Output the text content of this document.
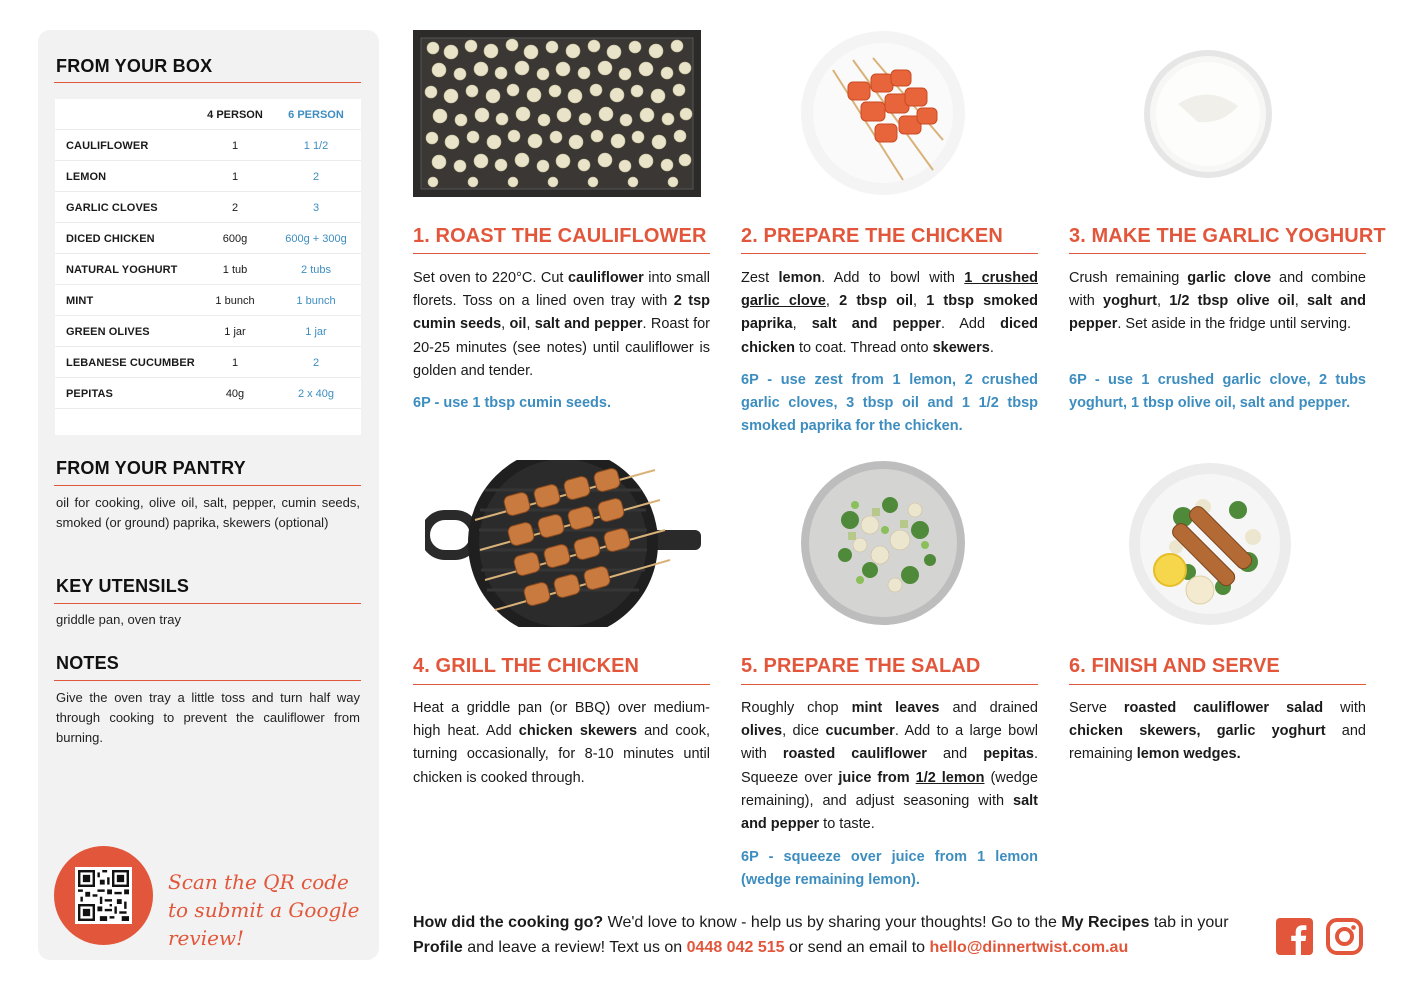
FROM YOUR BOX
4 PERSON	6 PERSON
CAULIFLOWER	1	1 1/2
LEMON	1	2
GARLIC CLOVES	2	3
DICED CHICKEN	600g	600g + 300g
NATURAL YOGHURT	1 tub	2 tubs
MINT	1 bunch	1 bunch
GREEN OLIVES	1 jar	1 jar
LEBANESE CUCUMBER	1	2
PEPITAS	40g	2 x 40g
FROM YOUR PANTRY
oil for cooking, olive oil, salt, pepper, cumin seeds, smoked (or ground) paprika, skewers (optional)
KEY UTENSILS
griddle pan, oven tray
NOTES
Give the oven tray a little toss and turn half way through cooking to prevent the cauliflower from burning.
Scan the QR code to submit a Google review!
1. ROAST THE CAULIFLOWER
Set oven to 220°C. Cut cauliflower into small florets. Toss on a lined oven tray with 2 tsp cumin seeds, oil, salt and pepper. Roast for 20-25 minutes (see notes) until cauliflower is golden and tender.
6P - use 1 tbsp cumin seeds.
2. PREPARE THE CHICKEN
Zest lemon. Add to bowl with 1 crushed garlic clove, 2 tbsp oil, 1 tbsp smoked paprika, salt and pepper. Add diced chicken to coat. Thread onto skewers.
6P - use zest from 1 lemon, 2 crushed garlic cloves, 3 tbsp oil and 1 1/2 tbsp smoked paprika for the chicken.
3. MAKE THE GARLIC YOGHURT
Crush remaining garlic clove and combine with yoghurt, 1/2 tbsp olive oil, salt and pepper. Set aside in the fridge until serving.
6P - use 1 crushed garlic clove, 2 tubs yoghurt, 1 tbsp olive oil, salt and pepper.
4. GRILL THE CHICKEN
Heat a griddle pan (or BBQ) over medium-high heat. Add chicken skewers and cook, turning occasionally, for 8-10 minutes until chicken is cooked through.
5. PREPARE THE SALAD
Roughly chop mint leaves and drained olives, dice cucumber. Add to a large bowl with roasted cauliflower and pepitas. Squeeze over juice from 1/2 lemon (wedge remaining), and adjust seasoning with salt and pepper to taste.
6P - squeeze over juice from 1 lemon (wedge remaining lemon).
6. FINISH AND SERVE
Serve roasted cauliflower salad with chicken skewers, garlic yoghurt and remaining lemon wedges.
How did the cooking go? We'd love to know - help us by sharing your thoughts! Go to the My Recipes tab in your Profile and leave a review! Text us on 0448 042 515 or send an email to hello@dinnertwist.com.au
